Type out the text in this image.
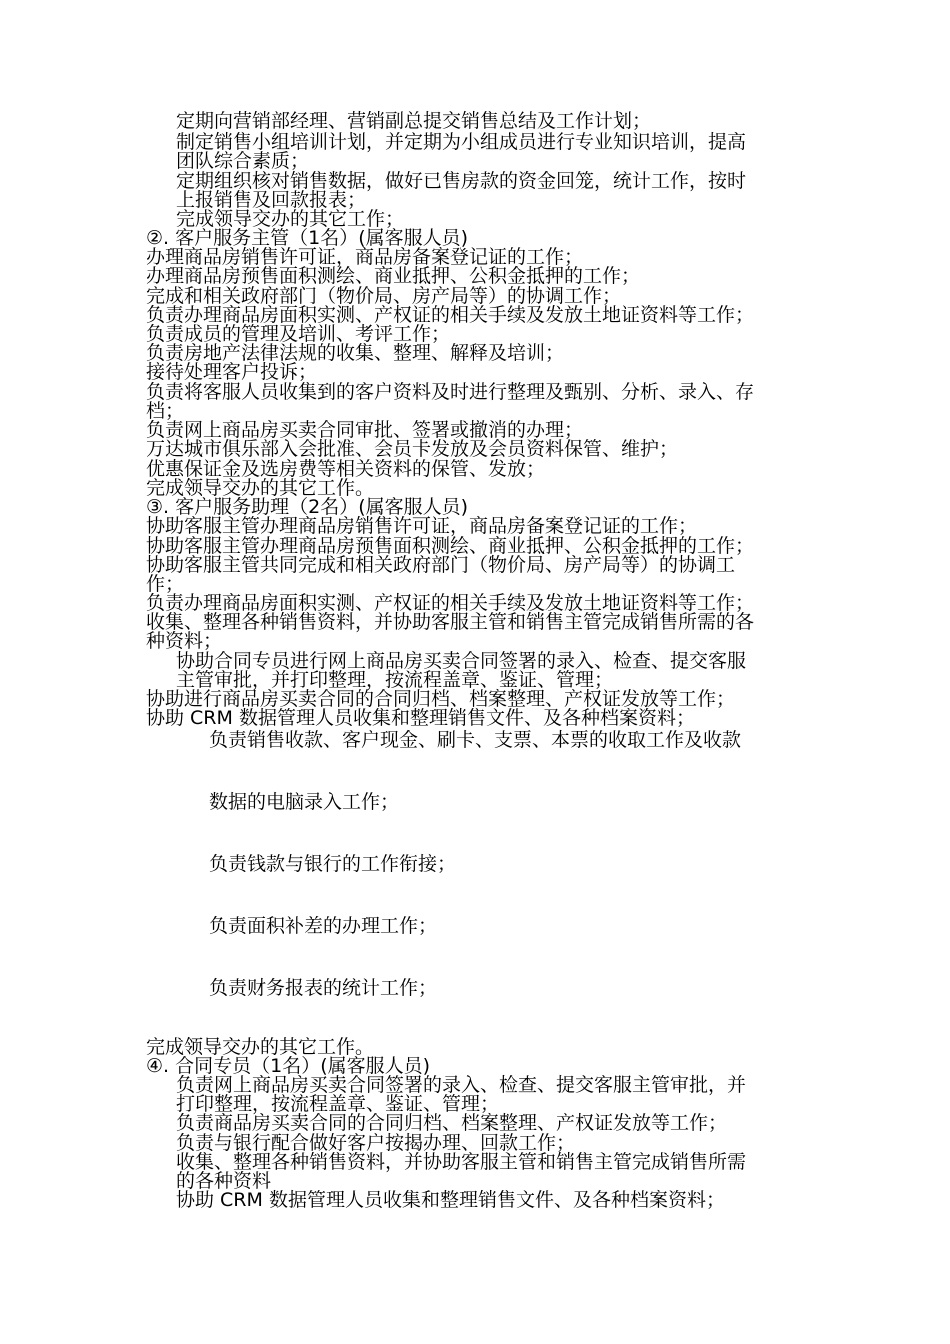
定期向营销部经理、营销副总提交销售总结及工作计划；
制定销售小组培训计划，并定期为小组成员进行专业知识培训，提高
团队综合素质；
定期组织核对销售数据，做好已售房款的资金回笼，统计工作，按时
上报销售及回款报表；
完成领导交办的其它工作；
②. 客户服务主管（1名）(属客服人员)
办理商品房销售许可证，商品房备案登记证的工作；
办理商品房预售面积测绘、商业抵押、公积金抵押的工作；
完成和相关政府部门（物价局、房产局等）的协调工作；
负责办理商品房面积实测、产权证的相关手续及发放土地证资料等工作；
负责成员的管理及培训、考评工作；
负责房地产法律法规的收集、整理、解释及培训；
接待处理客户投诉；
负责将客服人员收集到的客户资料及时进行整理及甄别、分析、录入、存
档；
负责网上商品房买卖合同审批、签署或撤消的办理；
万达城市俱乐部入会批准、会员卡发放及会员资料保管、维护；
优惠保证金及选房费等相关资料的保管、发放；
完成领导交办的其它工作。
③. 客户服务助理（2名）(属客服人员)
协助客服主管办理商品房销售许可证，商品房备案登记证的工作；
协助客服主管办理商品房预售面积测绘、商业抵押、公积金抵押的工作；
协助客服主管共同完成和相关政府部门（物价局、房产局等）的协调工
作；
负责办理商品房面积实测、产权证的相关手续及发放土地证资料等工作；
收集、整理各种销售资料，并协助客服主管和销售主管完成销售所需的各
种资料；
协助合同专员进行网上商品房买卖合同签署的录入、检查、提交客服
主管审批，并打印整理，按流程盖章、鉴证、管理；
协助进行商品房买卖合同的合同归档、档案整理、产权证发放等工作；
协助 CRM 数据管理人员收集和整理销售文件、及各种档案资料；
负责销售收款、客户现金、刷卡、支票、本票的收取工作及收款
数据的电脑录入工作；
负责钱款与银行的工作衔接；
负责面积补差的办理工作；
负责财务报表的统计工作；
完成领导交办的其它工作。
④. 合同专员（1名）(属客服人员)
负责网上商品房买卖合同签署的录入、检查、提交客服主管审批，并
打印整理，按流程盖章、鉴证、管理；
负责商品房买卖合同的合同归档、档案整理、产权证发放等工作；
负责与银行配合做好客户按揭办理、回款工作；
收集、整理各种销售资料，并协助客服主管和销售主管完成销售所需
的各种资料
协助 CRM 数据管理人员收集和整理销售文件、及各种档案资料；
